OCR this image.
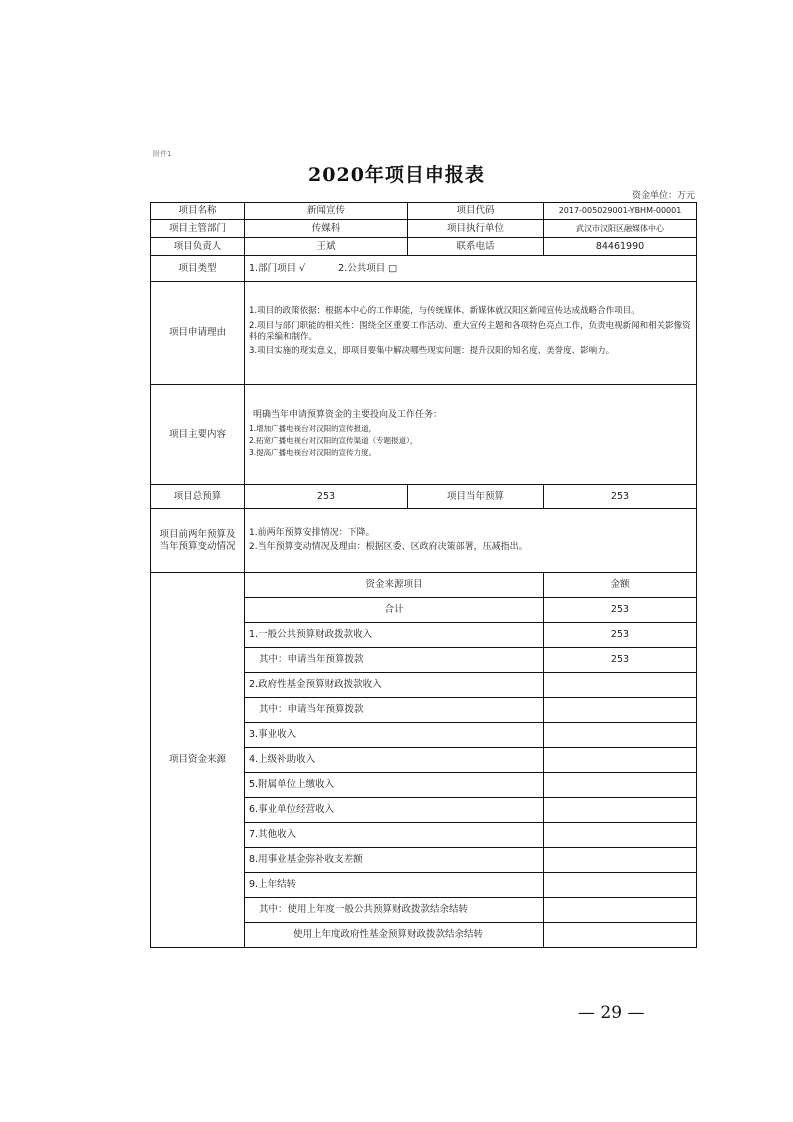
附件1
2020年项目申报表
资金单位：万元
项目名称	新闻宣传	项目代码	2017-005029001-YBHM-00001
项目主管部门	传媒科	项目执行单位	武汉市汉阳区融媒体中心
项目负责人	王斌	联系电话	84461990
项目类型	1.部门项目 √ 2.公共项目 □		
项目申请理由	1.项目的政策依据：根据本中心的工作职能，与传统媒体、新媒体就汉阳区新闻宣传达成战略合作项目。

2.项目与部门职能的相关性：围绕全区重要工作活动、重大宣传主题和各项特色亮点工作，负责电视新闻和相关影像资料的采编和制作。

3.项目实施的现实意义，即项目要集中解决哪些现实问题：提升汉阳的知名度、美誉度、影响力。		

项目主要内容	明确当年申请预算资金的主要投向及工作任务：

1.增加广播电视台对汉阳的宣传报道，

2.拓宽广播电视台对汉阳的宣传渠道（专题报道），

3.提高广播电视台对汉阳的宣传力度。		

项目总预算	253	项目当年预算	253
项目前两年预算及当年预算变动情况	1.前两年预算安排情况：下降。

2.当年预算变动情况及理由：根据区委、区政府决策部署，压减指出。		

项目资金来源	资金来源项目		金额
	合计		253
	1.一般公共预算财政拨款收入		253
	其中：申请当年预算拨款		253
	2.政府性基金预算财政拨款收入		
	其中：申请当年预算拨款		
	3.事业收入		
	4.上级补助收入		
	5.附属单位上缴收入		
	6.事业单位经营收入		
	7.其他收入		
	8.用事业基金弥补收支差额		
	9.上年结转		
	其中：使用上年度一般公共预算财政拨款结余结转		
	使用上年度政府性基金预算财政拨款结余结转		
— 29 —
